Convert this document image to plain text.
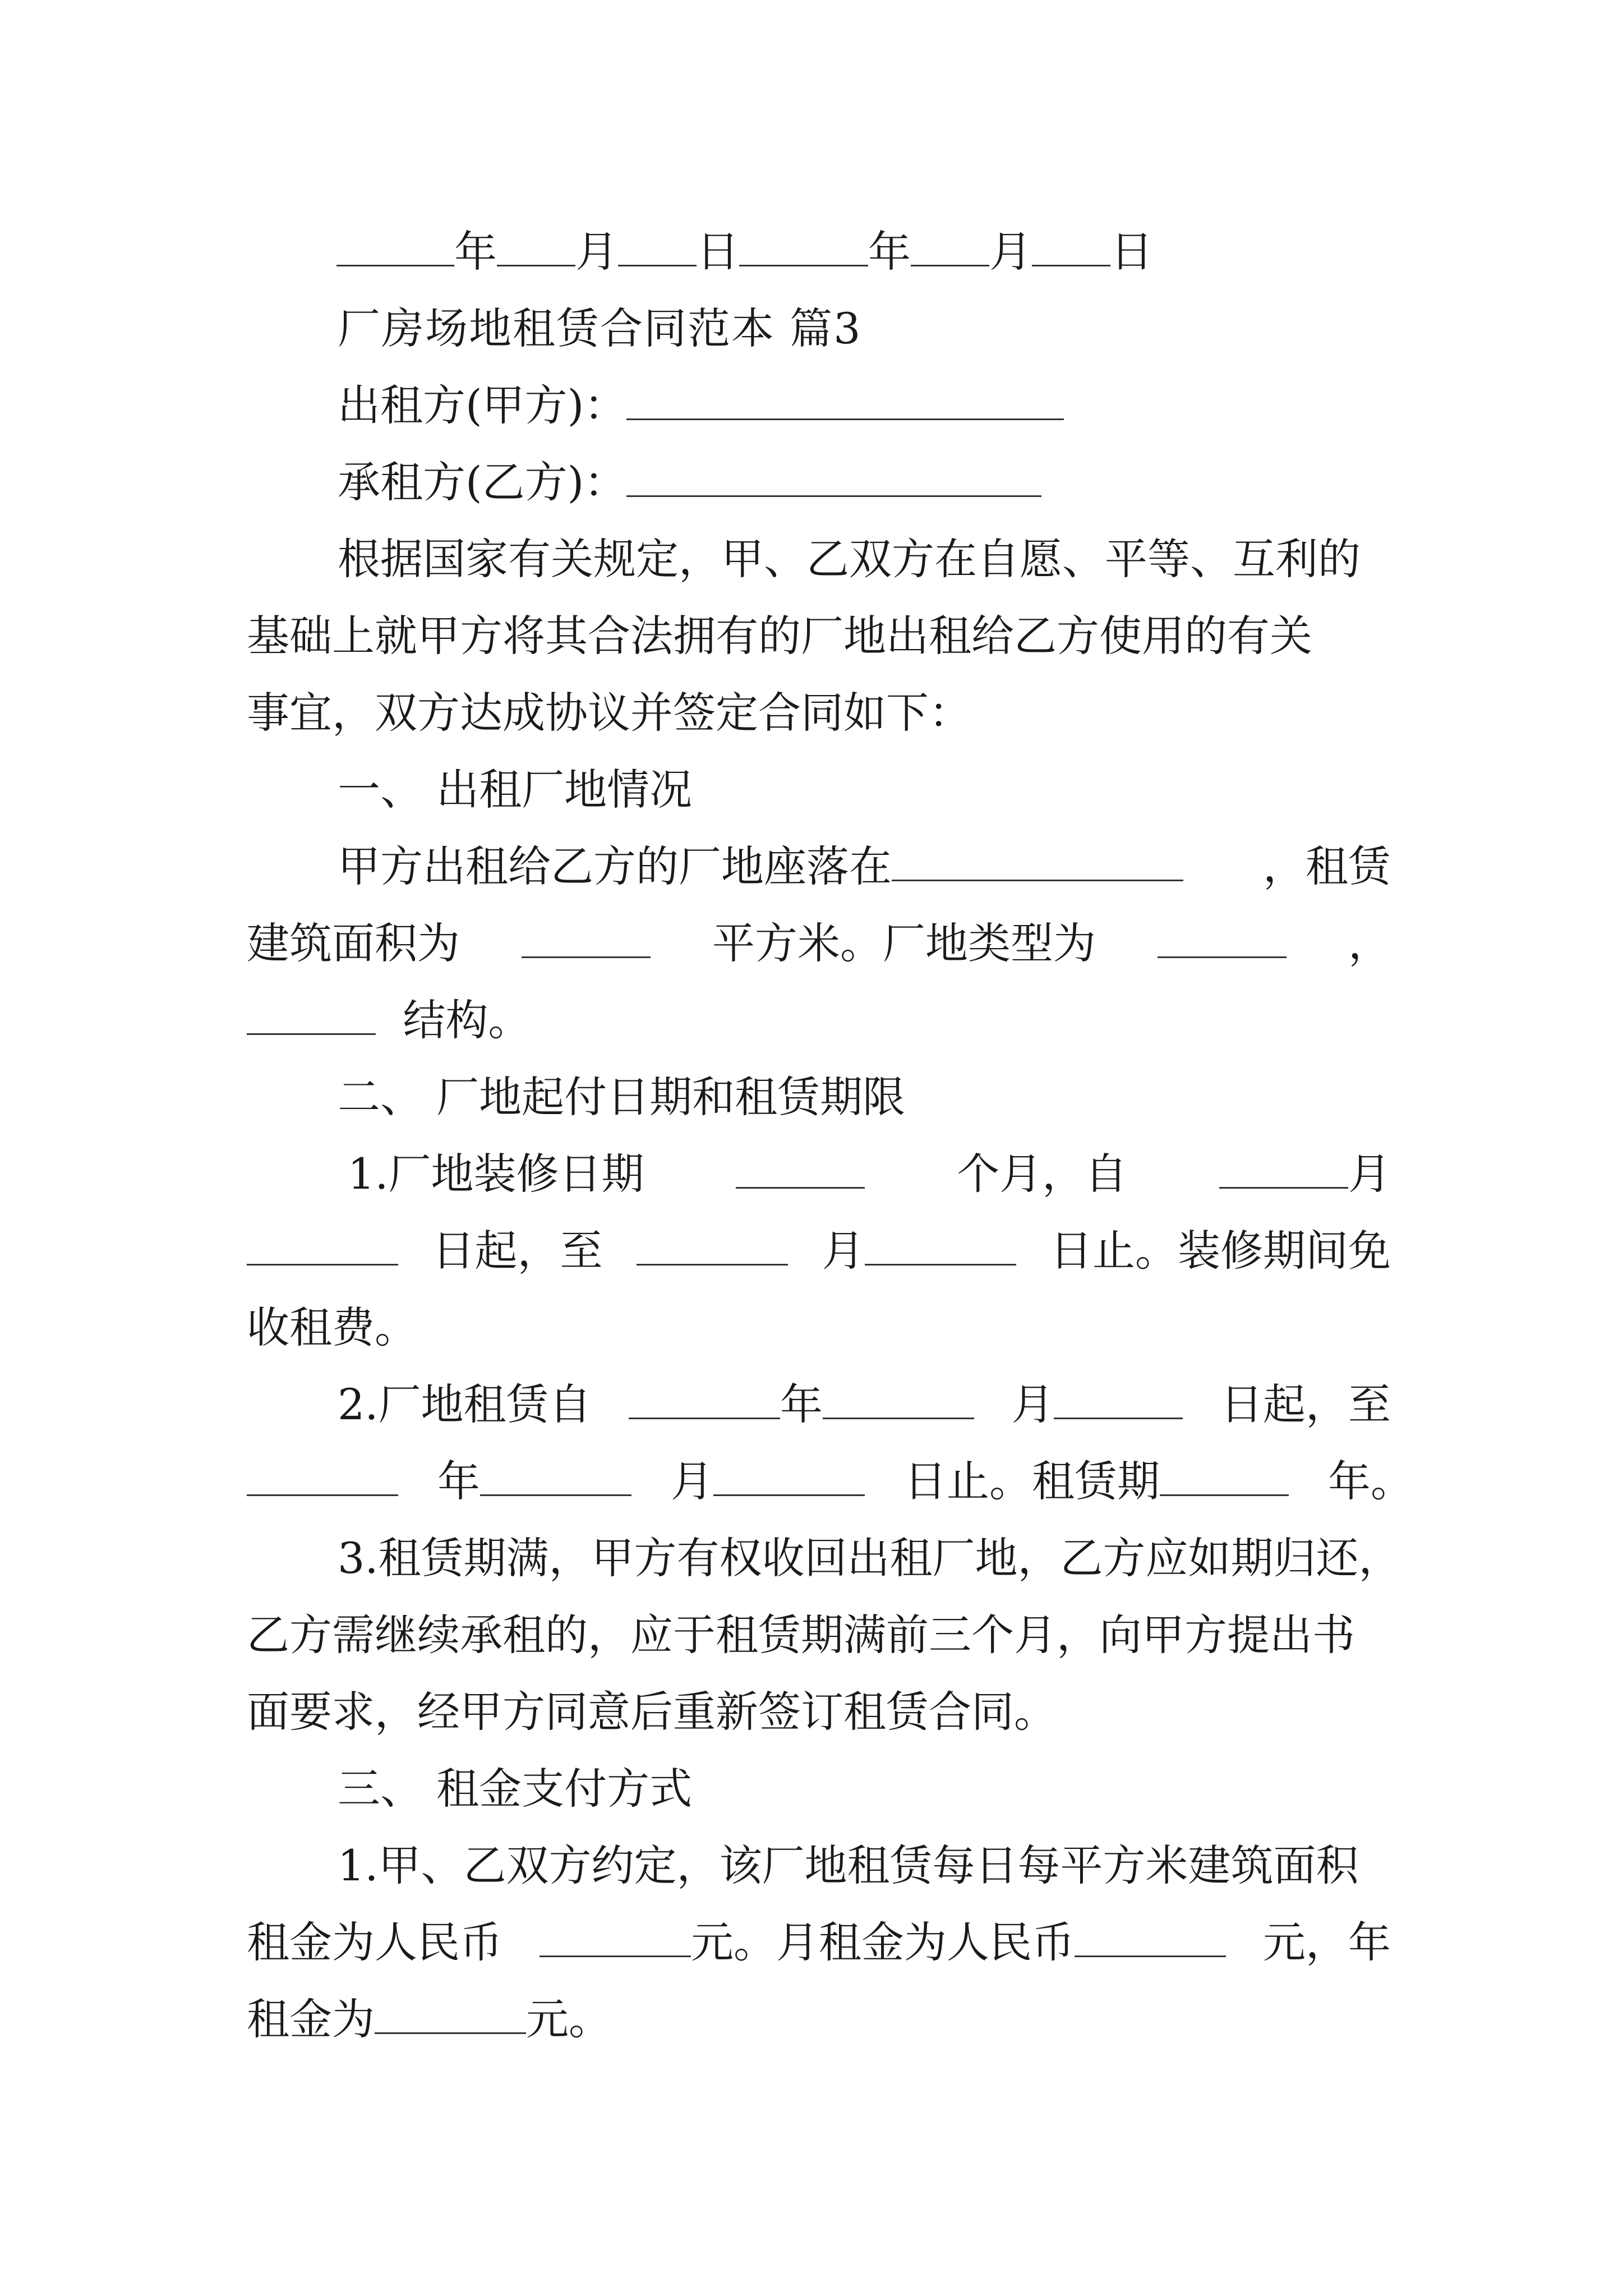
年 月 日	年 月 日
厂房场地租赁合同范本 篇3
出租方(甲方)：
承租方(乙方)：
根据国家有关规定，甲、乙双方在自愿、平等、互利的
基础上就甲方将其合法拥有的厂地出租给乙方使用的有关
事宜，双方达成协议并签定合同如下：
一、 出租厂地情况
甲方出租给乙方的厂地座落在	，租赁
建筑面积为	平方米。厂地类型为	，
结构。
二、 厂地起付日期和租赁期限
1.厂地装修日期	个月，自	月
日起，至	月	日止。装修期间免
收租费。
2.厂地租赁自	年	月	日起，至
年	月	日止。租赁期	年。
3.租赁期满，甲方有权收回出租厂地，乙方应如期归还，
乙方需继续承租的，应于租赁期满前三个月，向甲方提出书
面要求，经甲方同意后重新签订租赁合同。
三、 租金支付方式
1.甲、乙双方约定，该厂地租赁每日每平方米建筑面积
租金为人民币	元。月租金为人民币	元，年
租金为	元。
